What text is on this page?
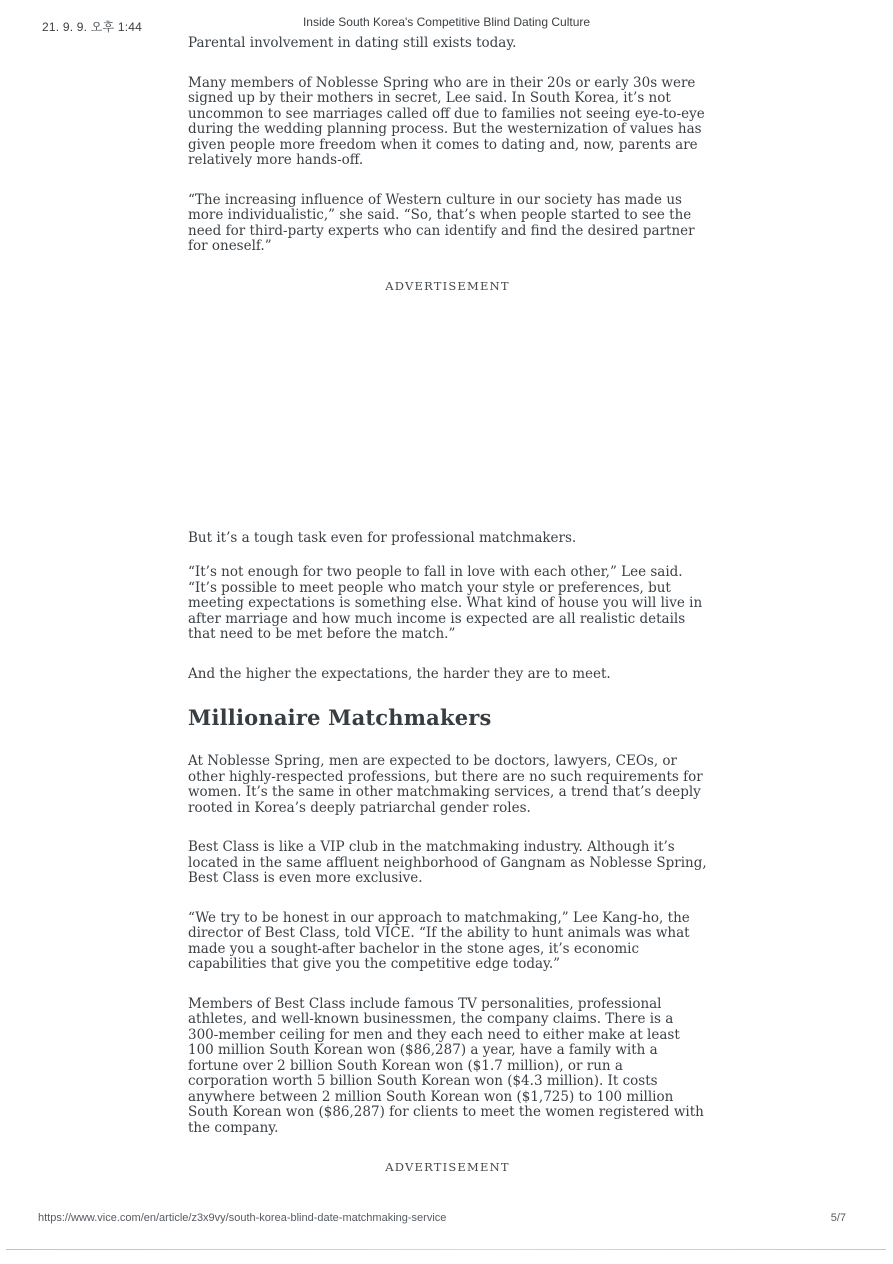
21. 9. 9. 오후 1:44	Inside South Korea's Competitive Blind Dating Culture

Parental involvement in dating still exists today.

Many members of Noblesse Spring who are in their 20s or early 30s were signed up by their mothers in secret, Lee said. In South Korea, it’s not uncommon to see marriages called off due to families not seeing eye-to-eye during the wedding planning process. But the westernization of values has given people more freedom when it comes to dating and, now, parents are relatively more hands-off.

“The increasing influence of Western culture in our society has made us more individualistic,” she said. “So, that’s when people started to see the need for third-party experts who can identify and find the desired partner for oneself.”

ADVERTISEMENT

But it’s a tough task even for professional matchmakers.

“It’s not enough for two people to fall in love with each other,” Lee said. “It’s possible to meet people who match your style or preferences, but meeting expectations is something else. What kind of house you will live in after marriage and how much income is expected are all realistic details that need to be met before the match.”

And the higher the expectations, the harder they are to meet.

Millionaire Matchmakers

At Noblesse Spring, men are expected to be doctors, lawyers, CEOs, or other highly-respected professions, but there are no such requirements for women. It’s the same in other matchmaking services, a trend that’s deeply rooted in Korea’s deeply patriarchal gender roles.

Best Class is like a VIP club in the matchmaking industry. Although it’s located in the same affluent neighborhood of Gangnam as Noblesse Spring, Best Class is even more exclusive.

“We try to be honest in our approach to matchmaking,” Lee Kang-ho, the director of Best Class, told VICE. “If the ability to hunt animals was what made you a sought-after bachelor in the stone ages, it’s economic capabilities that give you the competitive edge today.”

Members of Best Class include famous TV personalities, professional athletes, and well-known businessmen, the company claims. There is a 300-member ceiling for men and they each need to either make at least 100 million South Korean won ($86,287) a year, have a family with a fortune over 2 billion South Korean won ($1.7 million), or run a corporation worth 5 billion South Korean won ($4.3 million). It costs anywhere between 2 million South Korean won ($1,725) to 100 million South Korean won ($86,287) for clients to meet the women registered with the company.

ADVERTISEMENT
https://www.vice.com/en/article/z3x9vy/south-korea-blind-date-matchmaking-service	5/7
